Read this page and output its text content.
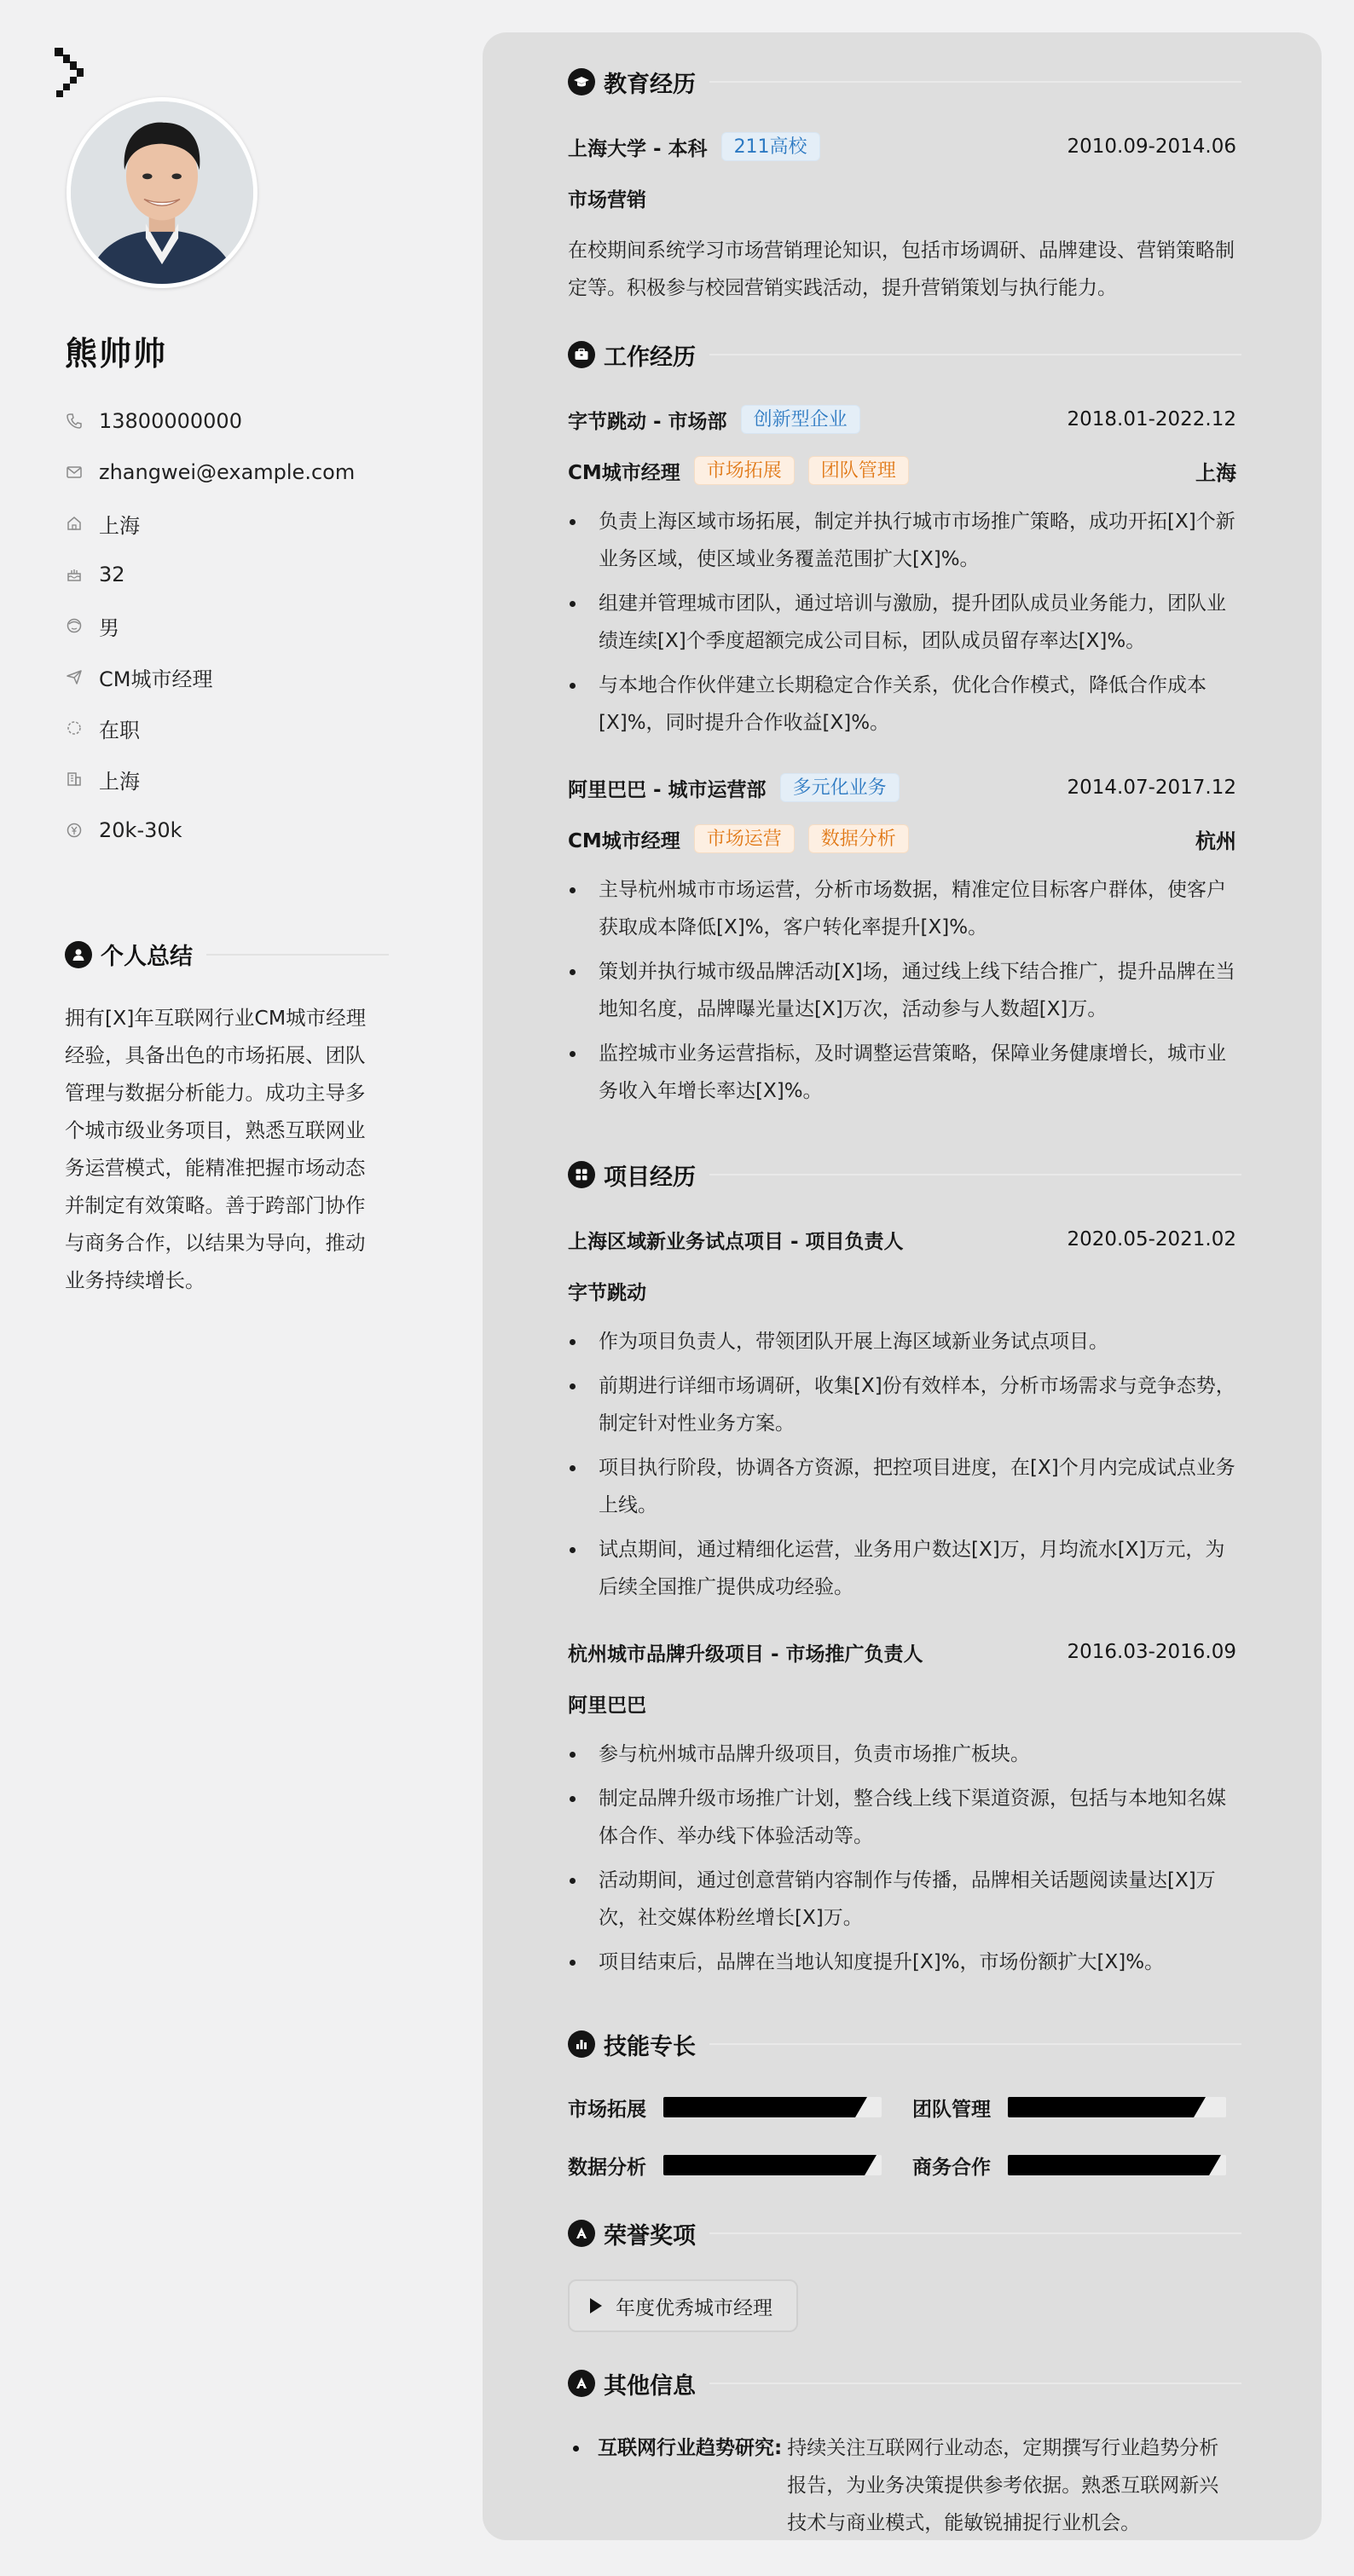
熊帅帅
13800000000
zhangwei@example.com
上海
32
男
CM城市经理
在职
上海
20k-30k
个人总结
拥有[X]年互联网行业CM城市经理经验，具备出色的市场拓展、团队管理与数据分析能力。成功主导多个城市级业务项目，熟悉互联网业务运营模式，能精准把握市场动态并制定有效策略。善于跨部门协作与商务合作，以结果为导向，推动业务持续增长。
教育经历
上海大学 - 本科	211高校	2010.09-2014.06
市场营销
在校期间系统学习市场营销理论知识，包括市场调研、品牌建设、营销策略制定等。积极参与校园营销实践活动，提升营销策划与执行能力。
工作经历
字节跳动 - 市场部	创新型企业	2018.01-2022.12
CM城市经理	市场拓展	团队管理	上海
负责上海区域市场拓展，制定并执行城市市场推广策略，成功开拓[X]个新业务区域，使区域业务覆盖范围扩大[X]%。
组建并管理城市团队，通过培训与激励，提升团队成员业务能力，团队业绩连续[X]个季度超额完成公司目标，团队成员留存率达[X]%。
与本地合作伙伴建立长期稳定合作关系，优化合作模式，降低合作成本[X]%，同时提升合作收益[X]%。
阿里巴巴 - 城市运营部	多元化业务	2014.07-2017.12
CM城市经理	市场运营	数据分析	杭州
主导杭州城市市场运营，分析市场数据，精准定位目标客户群体，使客户获取成本降低[X]%，客户转化率提升[X]%。
策划并执行城市级品牌活动[X]场，通过线上线下结合推广，提升品牌在当地知名度，品牌曝光量达[X]万次，活动参与人数超[X]万。
监控城市业务运营指标，及时调整运营策略，保障业务健康增长，城市业务收入年增长率达[X]%。
项目经历
上海区域新业务试点项目 - 项目负责人	2020.05-2021.02
字节跳动
作为项目负责人，带领团队开展上海区域新业务试点项目。
前期进行详细市场调研，收集[X]份有效样本，分析市场需求与竞争态势，制定针对性业务方案。
项目执行阶段，协调各方资源，把控项目进度，在[X]个月内完成试点业务上线。
试点期间，通过精细化运营，业务用户数达[X]万，月均流水[X]万元，为后续全国推广提供成功经验。
杭州城市品牌升级项目 - 市场推广负责人	2016.03-2016.09
阿里巴巴
参与杭州城市品牌升级项目，负责市场推广板块。
制定品牌升级市场推广计划，整合线上线下渠道资源，包括与本地知名媒体合作、举办线下体验活动等。
活动期间，通过创意营销内容制作与传播，品牌相关话题阅读量达[X]万次，社交媒体粉丝增长[X]万。
项目结束后，品牌在当地认知度提升[X]%，市场份额扩大[X]%。
技能专长
市场拓展	团队管理
数据分析	商务合作
荣誉奖项
年度优秀城市经理
其他信息
互联网行业趋势研究: 持续关注互联网行业动态，定期撰写行业趋势分析报告，为业务决策提供参考依据。熟悉互联网新兴技术与商业模式，能敏锐捕捉行业机会。
